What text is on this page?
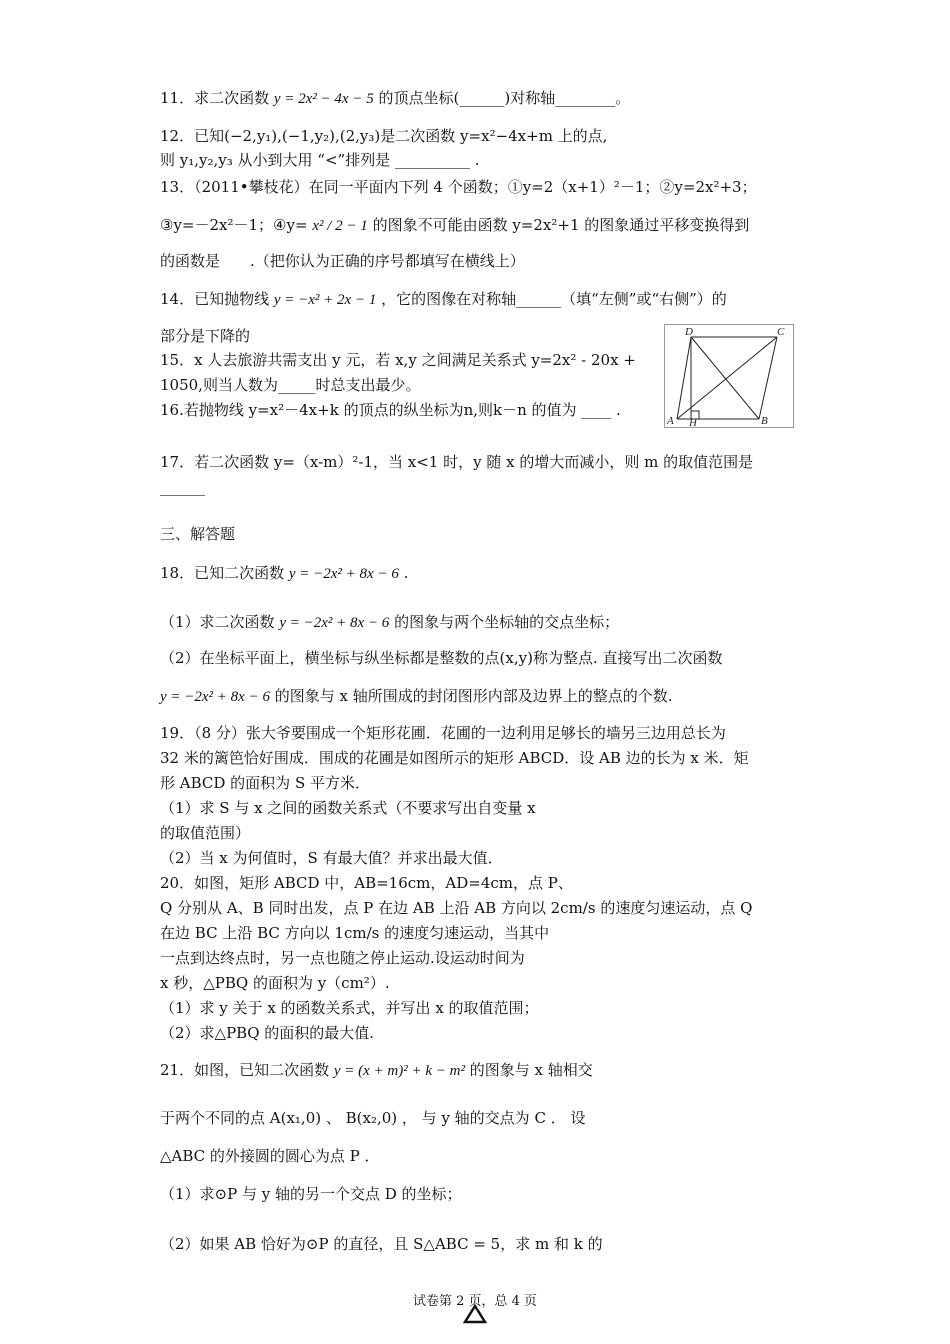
11．求二次函数 y = 2x² − 4x − 5 的顶点坐标(______)对称轴________。
12．已知(−2,y₁),(−1,y₂),(2,y₃)是二次函数 y=x²−4x+m 上的点,
则 y₁,y₂,y₃ 从小到大用 “<”排列是 __________ .
13．（2011•攀枝花）在同一平面内下列 4 个函数；①y=2（x+1）²－1；②y=2x²+3；
③y=－2x²－1；④y= x² / 2 − 1 的图象不可能由函数 y=2x²+1 的图象通过平移变换得到
的函数是　　.（把你认为正确的序号都填写在横线上）
14．已知抛物线 y = −x² + 2x − 1 ，它的图像在对称轴______（填“左侧”或“右侧”）的
部分是下降的	D	C
A H	B
15．x 人去旅游共需支出 y 元，若 x,y 之间满足关系式 y=2x² - 20x +
1050,则当人数为_____时总支出最少。
16.若抛物线 y=x²－4x+k 的顶点的纵坐标为n,则k－n 的值为 ____ .
17．若二次函数 y=（x-m）²-1，当 x<1 时，y 随 x 的增大而减小，则 m 的取值范围是
______
三、解答题
18．已知二次函数 y = −2x² + 8x − 6 .
（1）求二次函数 y = −2x² + 8x − 6 的图象与两个坐标轴的交点坐标；
（2）在坐标平面上，横坐标与纵坐标都是整数的点(x,y)称为整点. 直接写出二次函数
y = −2x² + 8x − 6 的图象与 x 轴所围成的封闭图形内部及边界上的整点的个数.
19．（8 分）张大爷要围成一个矩形花圃．花圃的一边利用足够长的墙另三边用总长为
32 米的篱笆恰好围成．围成的花圃是如图所示的矩形 ABCD．设 AB 边的长为 x 米．矩
形 ABCD 的面积为 S 平方米．
（1）求 S 与 x 之间的函数关系式（不要求写出自变量 x
的取值范围）
（2）当 x 为何值时，S 有最大值？并求出最大值．
20．如图，矩形 ABCD 中，AB=16cm，AD=4cm，点 P、
Q 分别从 A、B 同时出发，点 P 在边 AB 上沿 AB 方向以 2cm/s 的速度匀速运动，点 Q
在边 BC 上沿 BC 方向以 1cm/s 的速度匀速运动，当其中
一点到达终点时，另一点也随之停止运动.设运动时间为
x 秒，△PBQ 的面积为 y（cm²）.
（1）求 y 关于 x 的函数关系式，并写出 x 的取值范围；
（2）求△PBQ 的面积的最大值.
21．如图，已知二次函数 y = (x + m)² + k − m² 的图象与 x 轴相交
于两个不同的点 A(x₁,0) 、 B(x₂,0) ， 与 y 轴的交点为 C ． 设
△ABC 的外接圆的圆心为点 P ．
（1）求⊙P 与 y 轴的另一个交点 D 的坐标；
（2）如果 AB 恰好为⊙P 的直径，且 S△ABC = 5，求 m 和 k 的
试卷第 2 页，总 4 页
